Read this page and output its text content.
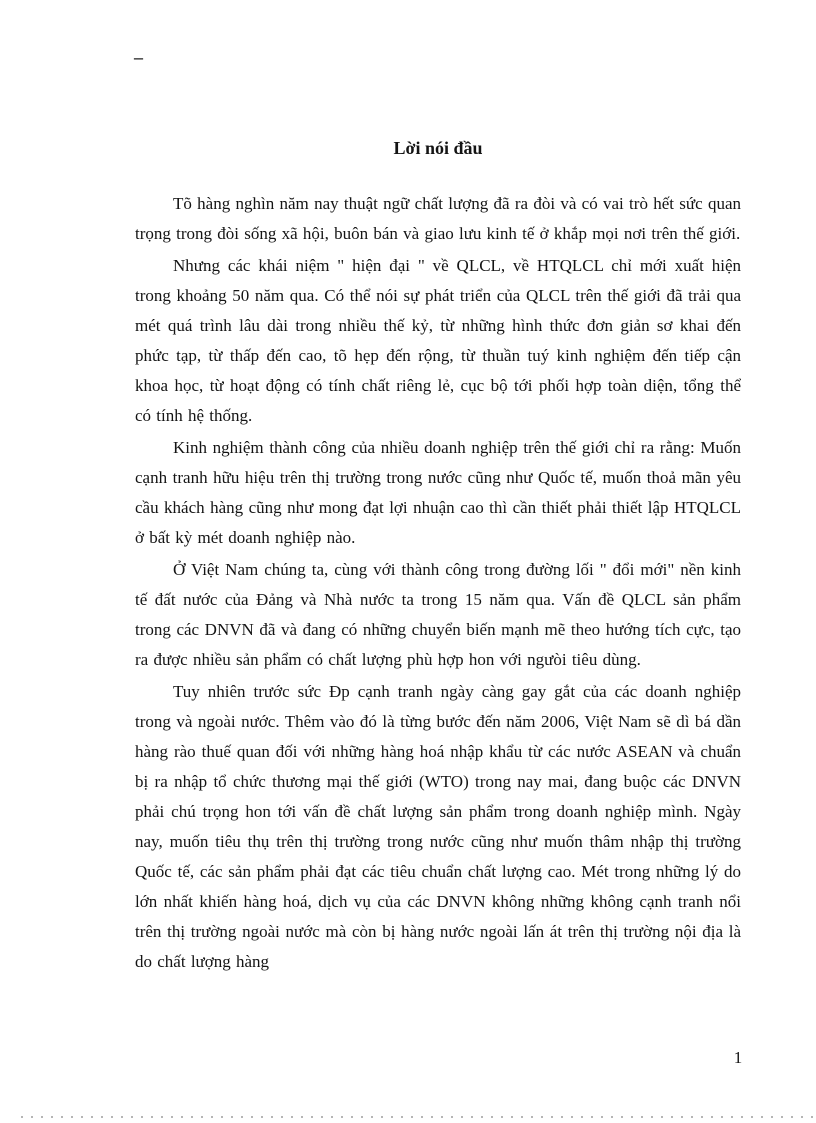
–
Lời nói đầu

Tõ hàng nghìn năm nay thuật ngữ chất lượng đã ra đòi và có vai trò hết sức quan trọng trong đòi sống xã hội, buôn bán và giao lưu kinh tế ở khắp mọi nơi trên thế giới.

Nhưng các khái niệm " hiện đại " về QLCL, về HTQLCL chỉ mới xuất hiện trong khoảng 50 năm qua. Có thể nói sự phát triển của QLCL trên thế giới đã trải qua mét quá trình lâu dài trong nhiều thế kỷ, từ những hình thức đơn giản sơ khai đến phức tạp, từ thấp đến cao, tõ hẹp đến rộng, từ thuần tuý kinh nghiệm đến tiếp cận khoa học, từ hoạt động có tính chất riêng lẻ, cục bộ tới phối hợp toàn diện, tổng thể có tính hệ thống.

Kinh nghiệm thành công của nhiều doanh nghiệp trên thế giới chỉ ra rằng: Muốn cạnh tranh hữu hiệu trên thị trường trong nước cũng như Quốc tế, muốn thoả mãn yêu cầu khách hàng cũng như mong đạt lợi nhuận cao thì cần thiết phải thiết lập HTQLCL ở bất kỳ mét doanh nghiệp nào.

Ở Việt Nam chúng ta, cùng với thành công trong đường lối " đổi mới" nền kinh tế đất nước của Đảng và Nhà nước ta trong 15 năm qua. Vấn đề QLCL sản phẩm trong các DNVN đã và đang có những chuyển biến mạnh mẽ theo hướng tích cực, tạo ra được nhiều sản phẩm có chất lượng phù hợp hon với ngưòi tiêu dùng.

Tuy nhiên trước sức Đp cạnh tranh ngày càng gay gắt của các doanh nghiệp trong và ngoài nước. Thêm vào đó là từng bước đến năm 2006, Việt Nam sẽ dì bá dần hàng rào thuế quan đối với những hàng hoá nhập khẩu từ các nước ASEAN và chuẩn bị ra nhập tổ chức thương mại thế giới (WTO) trong nay mai, đang buộc các DNVN phải chú trọng hon tới vấn đề chất lượng sản phẩm trong doanh nghiệp mình. Ngày nay, muốn tiêu thụ trên thị trường trong nước cũng như muốn thâm nhập thị trường Quốc tế, các sản phẩm phải đạt các tiêu chuẩn chất lượng cao. Mét trong những lý do lớn nhất khiến hàng hoá, dịch vụ của các DNVN không những không cạnh tranh nổi trên thị trường ngoài nước mà còn bị hàng nước ngoài lấn át trên thị trường nội địa là do chất lượng hàng

1
